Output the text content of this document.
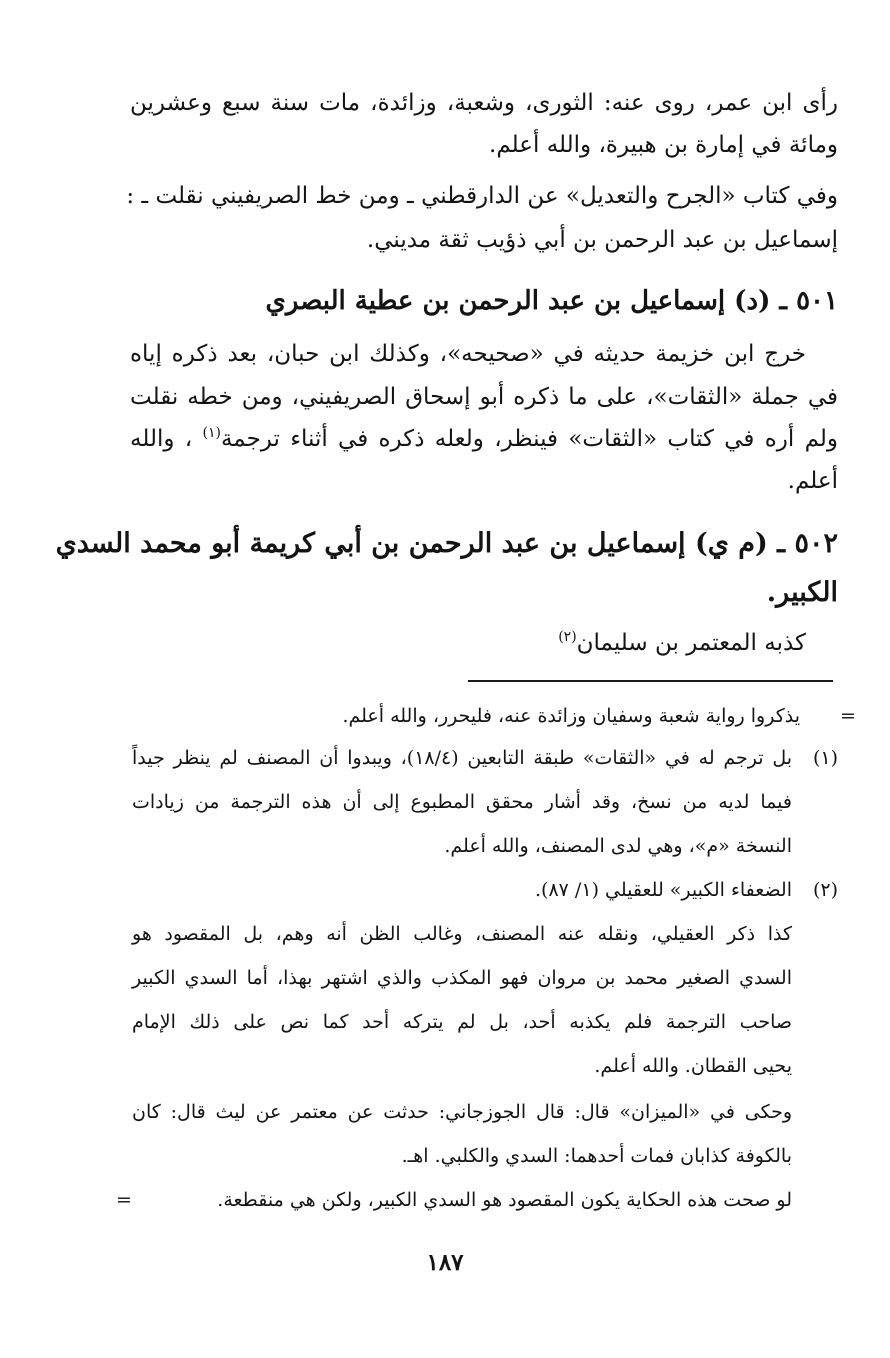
رأى ابن عمر، روى عنه: الثورى، وشعبة، وزائدة، مات سنة سبع وعشرين
ومائة في إمارة بن هبيرة، والله أعلم.
وفي كتاب «الجرح والتعديل» عن الدارقطني ـ ومن خط الصريفيني نقلت ـ :
إسماعيل بن عبد الرحمن بن أبي ذؤيب ثقة مديني.
٥٠١ ـ (د) إسماعيل بن عبد الرحمن بن عطية البصري
خرج ابن خزيمة حديثه في «صحيحه»، وكذلك ابن حبان، بعد ذكره إياه
في جملة «الثقات»، على ما ذكره أبو إسحاق الصريفيني، ومن خطه نقلت
ولم أره في كتاب «الثقات» فينظر، ولعله ذكره في أثناء ترجمة$^{(١)}$ ، والله
أعلم.
٥٠٢ ـ (م ي) إسماعيل بن عبد الرحمن بن أبي كريمة أبو محمد السدي
الكبير.
كذبه المعتمر بن سليمان$^{(٢)}$
=
يذكروا رواية شعبة وسفيان وزائدة عنه، فليحرر، والله أعلم.
(١)
بل ترجم له في «الثقات» طبقة التابعين (١٨/٤)، ويبدوا أن المصنف لم ينظر جيداً
فيما لديه من نسخ، وقد أشار محقق المطبوع إلى أن هذه الترجمة من زيادات
النسخة «م»، وهي لدى المصنف، والله أعلم.
(٢)
الضعفاء الكبير» للعقيلي (١/ ٨٧).
كذا ذكر العقيلي، ونقله عنه المصنف، وغالب الظن أنه وهم، بل المقصود هو
السدي الصغير محمد بن مروان فهو المكذب والذي اشتهر بهذا، أما السدي الكبير
صاحب الترجمة فلم يكذبه أحد، بل لم يتركه أحد كما نص على ذلك الإمام
يحيى القطان. والله أعلم.
وحكى في «الميزان» قال: قال الجوزجاني: حدثت عن معتمر عن ليث قال: كان
بالكوفة كذابان فمات أحدهما: السدي والكلبي. اهـ.
لو صحت هذه الحكاية يكون المقصود هو السدي الكبير، ولكن هي منقطعة.
=
١٨٧
